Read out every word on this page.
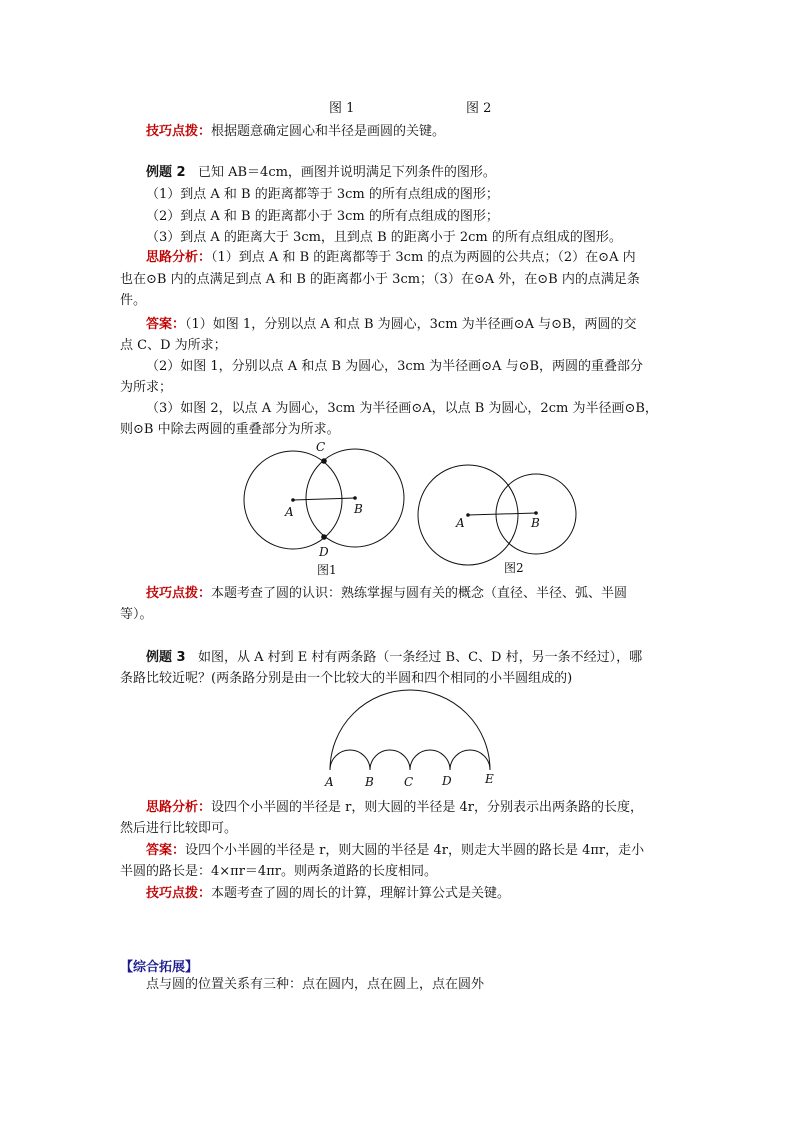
图 1	图 2
技巧点拨：根据题意确定圆心和半径是画圆的关键。
例题 2 已知 AB＝4cm，画图并说明满足下列条件的图形。
（1）到点 A 和 B 的距离都等于 3cm 的所有点组成的图形；
（2）到点 A 和 B 的距离都小于 3cm 的所有点组成的图形；
（3）到点 A 的距离大于 3cm，且到点 B 的距离小于 2cm 的所有点组成的图形。
思路分析：（1）到点 A 和 B 的距离都等于 3cm 的点为两圆的公共点；（2）在⊙A 内
也在⊙B 内的点满足到点 A 和 B 的距离都小于 3cm；（3）在⊙A 外，在⊙B 内的点满足条
件。
答案：（1）如图 1，分别以点 A 和点 B 为圆心，3cm 为半径画⊙A 与⊙B，两圆的交
点 C、D 为所求；
（2）如图 1，分别以点 A 和点 B 为圆心，3cm 为半径画⊙A 与⊙B，两圆的重叠部分
为所求；
（3）如图 2，以点 A 为圆心，3cm 为半径画⊙A，以点 B 为圆心，2cm 为半径画⊙B，
则⊙B 中除去两圆的重叠部分为所求。
C
D
A	B
图1
A	B
图2
A	B	C D	E
技巧点拨：本题考查了圆的认识：熟练掌握与圆有关的概念（直径、半径、弧、半圆
等）。
例题 3 如图，从 A 村到 E 村有两条路（一条经过 B、C、D 村，另一条不经过），哪
条路比较近呢？(两条路分别是由一个比较大的半圆和四个相同的小半圆组成的)
思路分析：设四个小半圆的半径是 r，则大圆的半径是 4r，分别表示出两条路的长度，
然后进行比较即可。
答案：设四个小半圆的半径是 r，则大圆的半径是 4r，则走大半圆的路长是 4πr，走小
半圆的路长是：4×πr＝4πr。则两条道路的长度相同。
技巧点拨：本题考查了圆的周长的计算，理解计算公式是关键。
【综合拓展】
点与圆的位置关系有三种：点在圆内，点在圆上，点在圆外
